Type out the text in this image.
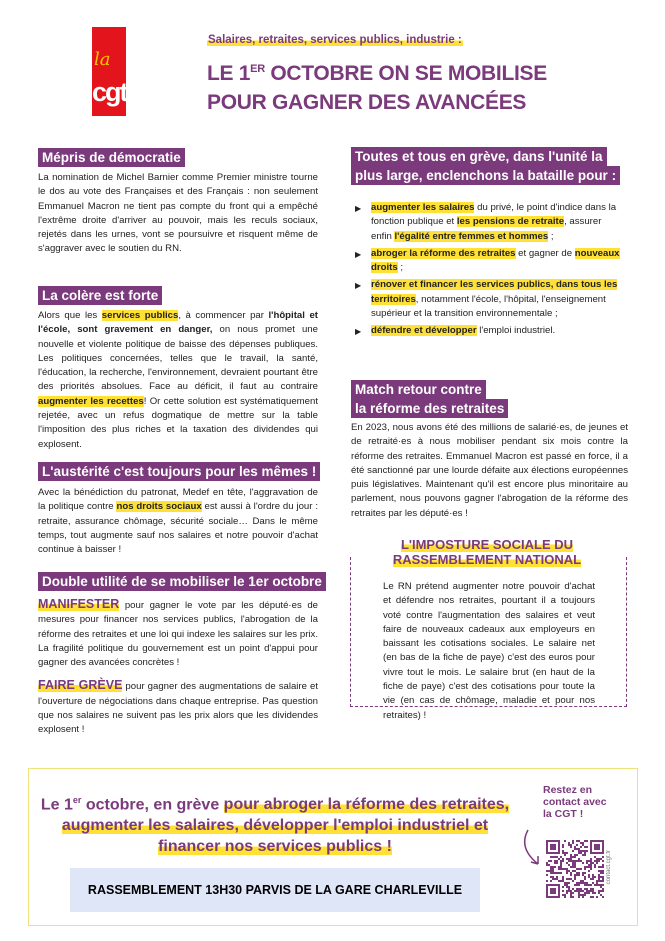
la
cgt
Salaires, retraites, services publics, industrie :
LE 1ER OCTOBRE ON SE MOBILISE
POUR GAGNER DES AVANCÉES
Mépris de démocratie
La nomination de Michel Barnier comme Premier ministre tourne le dos au vote des Françaises et des Français : non seulement Emmanuel Macron ne tient pas compte du front qui a empêché l'extrême droite d'arriver au pouvoir, mais les reculs sociaux, rejetés dans les urnes, vont se poursuivre et risquent même de s'aggraver avec le soutien du RN.
La colère est forte
Alors que les services publics, à commencer par l'hôpital et l'école, sont gravement en danger, on nous promet une nouvelle et violente politique de baisse des dépenses publiques. Les politiques concernées, telles que le travail, la santé, l'éducation, la recherche, l'environnement, devraient pourtant être des priorités absolues. Face au déficit, il faut au contraire augmenter les recettes! Or cette solution est systématiquement rejetée, avec un refus dogmatique de mettre sur la table l'imposition des plus riches et la taxation des dividendes qui explosent.
L'austérité c'est toujours pour les mêmes !
Avec la bénédiction du patronat, Medef en tête, l'aggravation de la politique contre nos droits sociaux est aussi à l'ordre du jour : retraite, assurance chômage, sécurité sociale… Dans le même temps, tout augmente sauf nos salaires et notre pouvoir d'achat continue à baisser !
Double utilité de se mobiliser le 1er octobre
MANIFESTER pour gagner le vote par les député·es de mesures pour financer nos services publics, l'abrogation de la réforme des retraites et une loi qui indexe les salaires sur les prix. La fragilité politique du gouvernement est un point d'appui pour gagner des avancées concrètes !
FAIRE GRÈVE pour gagner des augmentations de salaire et l'ouverture de négociations dans chaque entreprise. Pas question que nos salaires ne suivent pas les prix alors que les dividendes explosent !
Toutes et tous en grève, dans l'unité la plus large, enclenchons la bataille pour :
▶ augmenter les salaires du privé, le point d'indice dans la fonction publique et les pensions de retraite, assurer enfin l'égalité entre femmes et hommes ;
▶ abroger la réforme des retraites et gagner de nouveaux droits ;
▶ rénover et financer les services publics, dans tous les territoires, notamment l'école, l'hôpital, l'enseignement supérieur et la transition environnementale ;
▶ défendre et développer l'emploi industriel.
Match retour contre
la réforme des retraites
En 2023, nous avons été des millions de salarié·es, de jeunes et de retraité·es à nous mobiliser pendant six mois contre la réforme des retraites. Emmanuel Macron est passé en force, il a été sanctionné par une lourde défaite aux élections européennes puis législatives. Maintenant qu'il est encore plus minoritaire au parlement, nous pouvons gagner l'abrogation de la réforme des retraites par les député·es !
L'IMPOSTURE SOCIALE DU
RASSEMBLEMENT NATIONAL
Le RN prétend augmenter notre pouvoir d'achat et défendre nos retraites, pourtant il a toujours voté contre l'augmentation des salaires et veut faire de nouveaux cadeaux aux employeurs en baissant les cotisations sociales. Le salaire net (en bas de la fiche de paye) c'est des euros pour vivre tout le mois. Le salaire brut (en haut de la fiche de paye) c'est des cotisations pour toute la vie (en cas de chômage, maladie et pour nos retraites) !
Le 1er octobre, en grève pour abroger la réforme des retraites, augmenter les salaires, développer l'emploi industriel et financer nos services publics !
RASSEMBLEMENT 13H30 PARVIS DE LA GARE CHARLEVILLE
Restez en contact avec la CGT !
contact.cgt.fr
